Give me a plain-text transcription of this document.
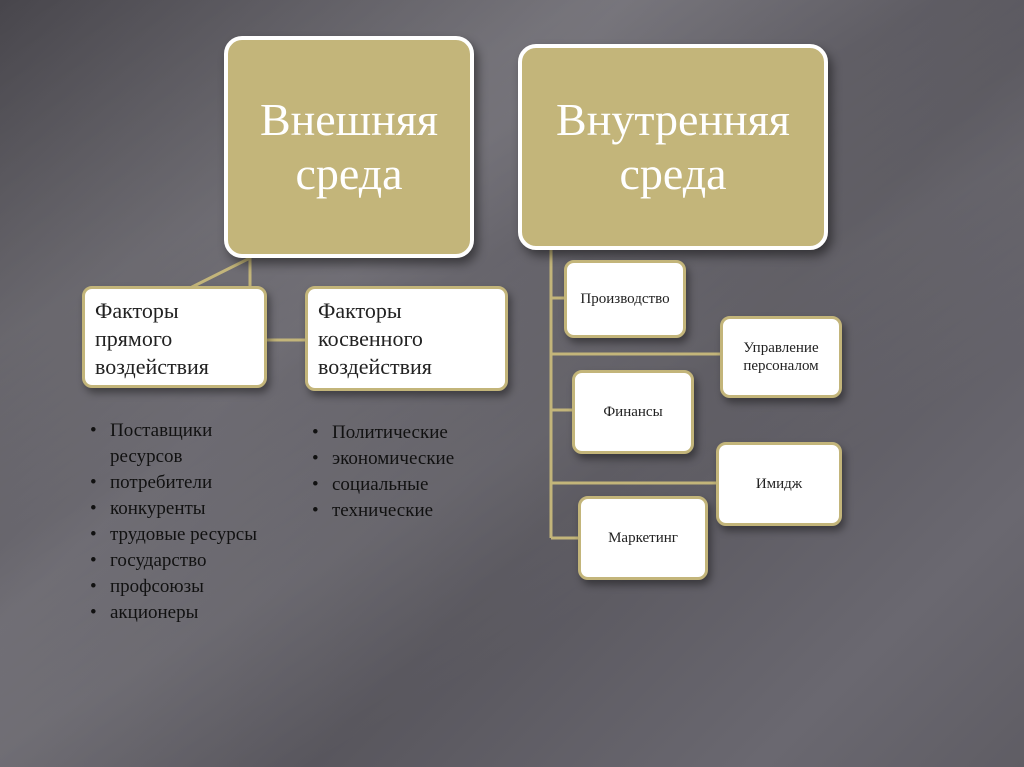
Внешняя среда
Внутренняя среда
Факторы прямого воздействия
Факторы косвенного воздействия
• Поставщики ресурсов
• потребители
• конкуренты
• трудовые ресурсы
• государство
• профсоюзы
• акционеры
• Политические
• экономические
• социальные
• технические
Производство
Управление персоналом
Финансы
Имидж
Маркетинг
